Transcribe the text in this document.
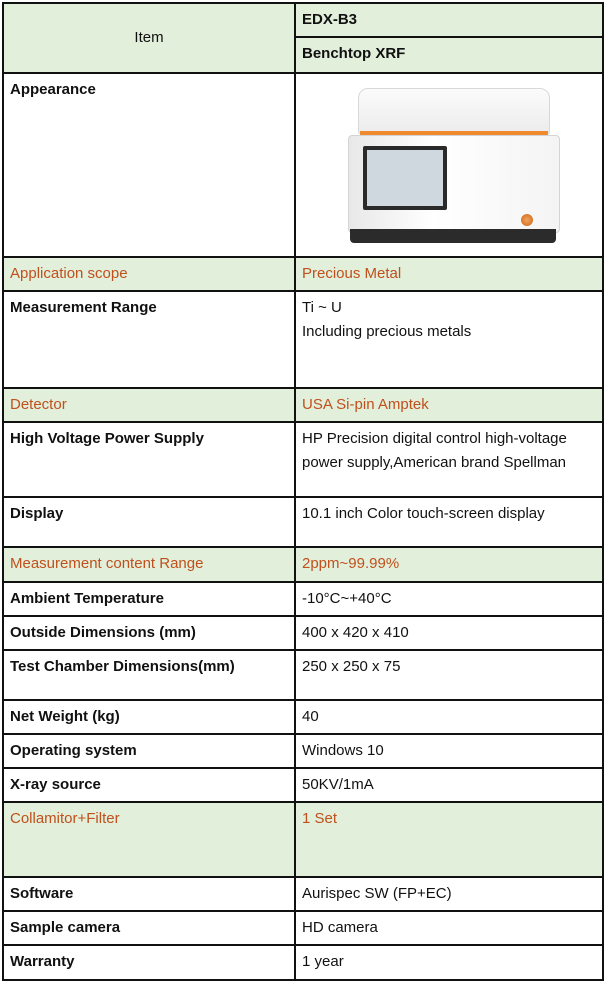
Item	EDX-B3
	Benchtop XRF
Appearance	

Application scope	Precious Metal
Measurement Range	Ti ~ U
Including precious metals
Detector	USA Si-pin Amptek
High Voltage Power Supply	HP Precision digital control high-voltage power supply,American brand Spellman
Display	10.1 inch Color touch-screen display
Measurement content Range	2ppm~99.99%
Ambient Temperature	-10°C~+40°C
Outside Dimensions (mm)	400 x 420 x 410
Test Chamber Dimensions(mm)	250 x 250 x 75
Net Weight (kg)	40
Operating system	Windows 10
X-ray source	50KV/1mA
Collamitor+Filter	1 Set
Software	Aurispec SW (FP+EC)
Sample camera	HD camera
Warranty	1 year
